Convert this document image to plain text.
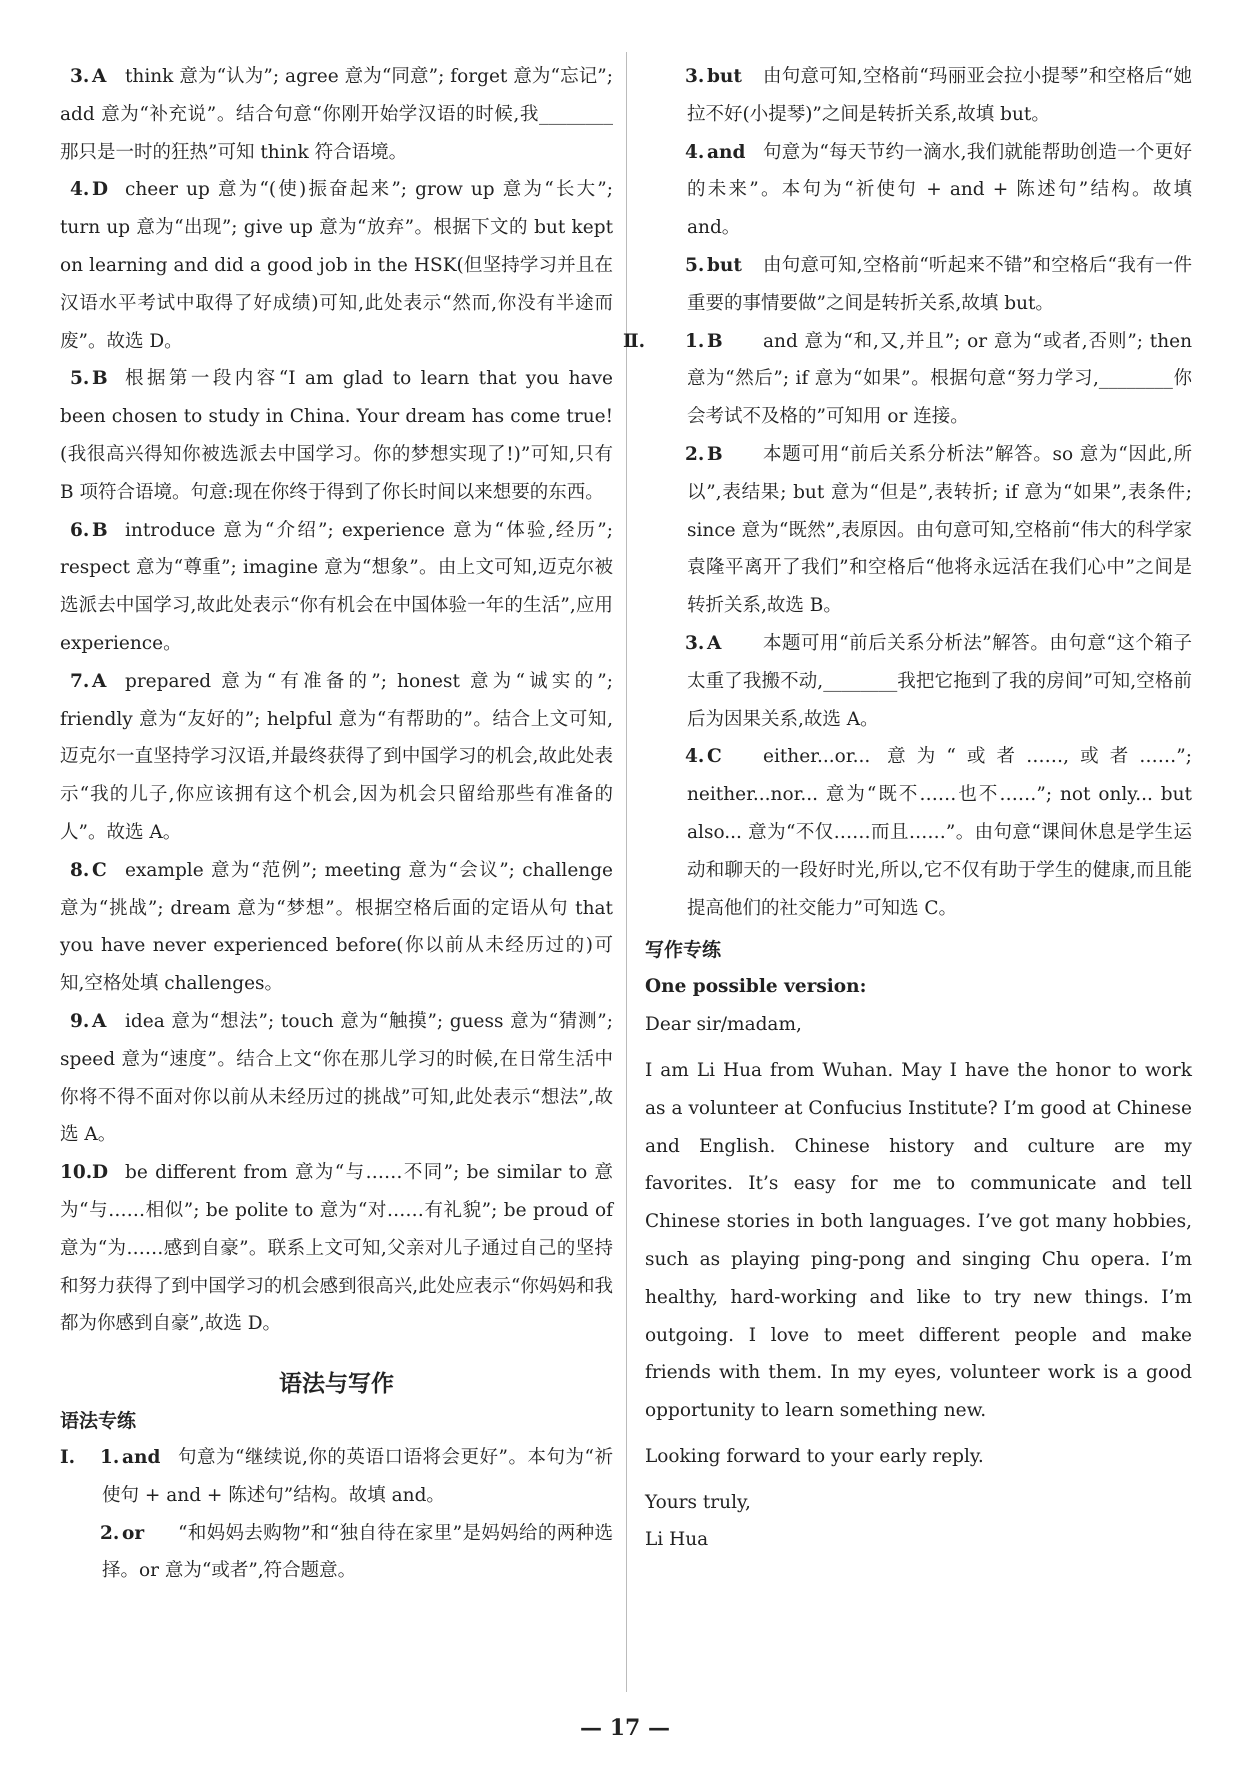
3. A	think 意为“认为”; agree 意为“同意”; forget 意为“忘记”; add 意为“补充说”。结合句意“你刚开始学汉语的时候,我________那只是一时的狂热”可知 think 符合语境。
4. D cheer up 意为“(使)振奋起来”; grow up 意为“长大”; turn up 意为“出现”; give up 意为“放弃”。根据下文的 but kept on learning and did a good job in the HSK(但坚持学习并且在汉语水平考试中取得了好成绩)可知,此处表示“然而,你没有半途而废”。故选 D。
5. B 根据第一段内容“I am glad to learn that you have been chosen to study in China. Your dream has come true!(我很高兴得知你被选派去中国学习。你的梦想实现了!)”可知,只有 B 项符合语境。句意:现在你终于得到了你长时间以来想要的东西。
6. B introduce 意为“介绍”; experience 意为“体验,经历”; respect 意为“尊重”; imagine 意为“想象”。由上文可知,迈克尔被选派去中国学习,故此处表示“你有机会在中国体验一年的生活”,应用 experience。
7. A	prepared 意为“有准备的”; honest 意为“诚实的”; friendly 意为“友好的”; helpful 意为“有帮助的”。结合上文可知,迈克尔一直坚持学习汉语,并最终获得了到中国学习的机会,故此处表示“我的儿子,你应该拥有这个机会,因为机会只留给那些有准备的人”。故选 A。
8. C example 意为“范例”; meeting 意为“会议”; challenge 意为“挑战”; dream 意为“梦想”。根据空格后面的定语从句 that you have never experienced before(你以前从未经历过的)可知,空格处填 challenges。
9. A	idea 意为“想法”; touch 意为“触摸”; guess 意为“猜测”; speed 意为“速度”。结合上文“你在那儿学习的时候,在日常生活中你将不得不面对你以前从未经历过的挑战”可知,此处表示“想法”,故选 A。
10. D be different from 意为“与……不同”; be similar to 意为“与……相似”; be polite to 意为“对……有礼貌”; be proud of 意为“为……感到自豪”。联系上文可知,父亲对儿子通过自己的坚持和努力获得了到中国学习的机会感到很高兴,此处应表示“你妈妈和我都为你感到自豪”,故选 D。
语法与写作
语法专练
Ⅰ. 1. and 句意为“继续说,你的英语口语将会更好”。本句为“祈使句 + and + 陈述句”结构。故填 and。
2. or	“和妈妈去购物”和“独自待在家里”是妈妈给的两种选择。or 意为“或者”,符合题意。
3. but	由句意可知,空格前“玛丽亚会拉小提琴”和空格后“她拉不好(小提琴)”之间是转折关系,故填 but。
4. and 句意为“每天节约一滴水,我们就能帮助创造一个更好的未来”。本句为“祈使句 + and + 陈述句”结构。故填 and。
5. but	由句意可知,空格前“听起来不错”和空格后“我有一件重要的事情要做”之间是转折关系,故填 but。
Ⅱ. 1. B	and 意为“和,又,并且”; or 意为“或者,否则”; then 意为“然后”; if 意为“如果”。根据句意“努力学习,________你会考试不及格的”可知用 or 连接。
2. B	本题可用“前后关系分析法”解答。so 意为“因此,所以”,表结果; but 意为“但是”,表转折; if 意为“如果”,表条件; since 意为“既然”,表原因。由句意可知,空格前“伟大的科学家袁隆平离开了我们”和空格后“他将永远活在我们心中”之间是转折关系,故选 B。
3. A	本题可用“前后关系分析法”解答。由句意“这个箱子太重了我搬不动,________我把它拖到了我的房间”可知,空格前后为因果关系,故选 A。
4. C	either...or... 意为“或者……,或者……”; neither...nor... 意为“既不……也不……”; not only... but also... 意为“不仅……而且……”。由句意“课间休息是学生运动和聊天的一段好时光,所以,它不仅有助于学生的健康,而且能提高他们的社交能力”可知选 C。
写作专练
One possible version:
Dear sir/madam,
I am Li Hua from Wuhan. May I have the honor to work as a volunteer at Confucius Institute? I’m good at Chinese and English. Chinese history and culture are my favorites. It’s easy for me to communicate and tell Chinese stories in both languages. I’ve got many hobbies, such as playing ping-pong and singing Chu opera. I’m healthy, hard-working and like to try new things. I’m outgoing. I love to meet different people and make friends with them. In my eyes, volunteer work is a good opportunity to learn something new.
Looking forward to your early reply.
Yours truly,
Li Hua
— 17 —
